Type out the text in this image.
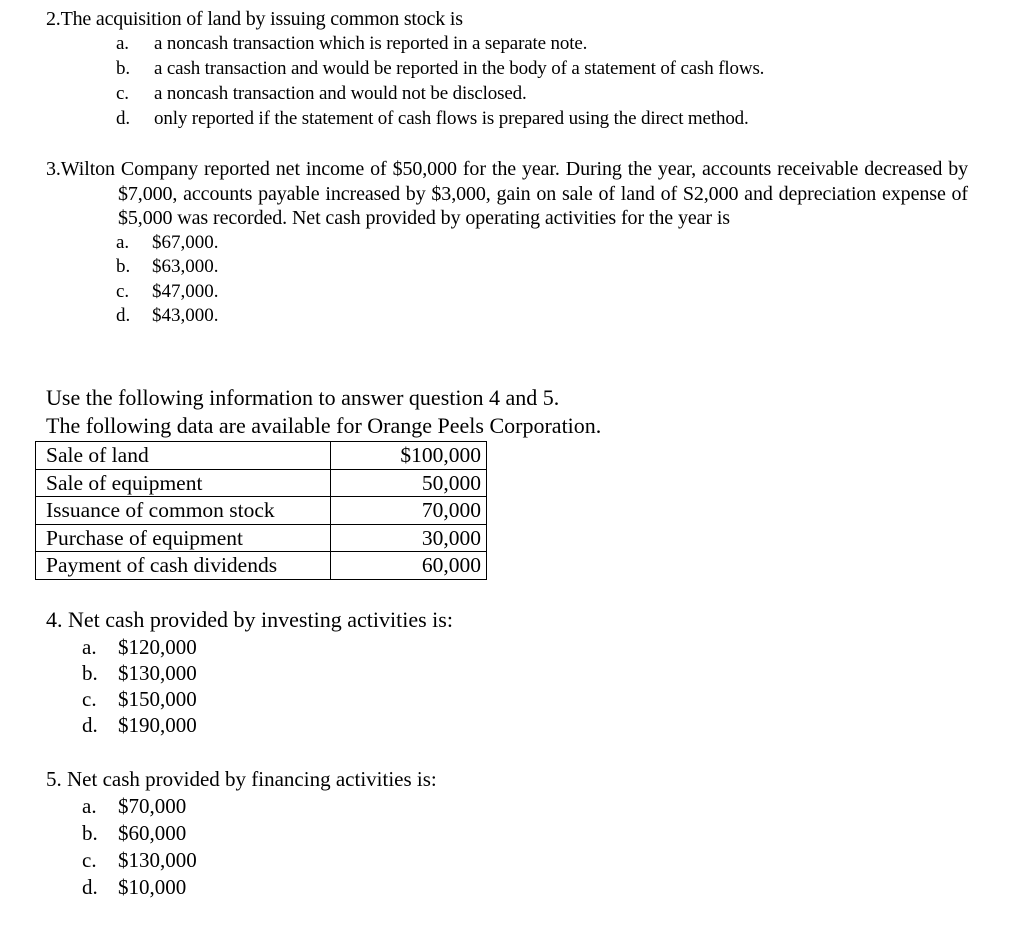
2.The acquisition of land by issuing common stock is
a.	a noncash transaction which is reported in a separate note.
b.	a cash transaction and would be reported in the body of a statement of cash flows.
c.	a noncash transaction and would not be disclosed.
d.	only reported if the statement of cash flows is prepared using the direct method.
3.Wilton Company reported net income of $50,000 for the year. During the year, accounts receivable decreased by $7,000, accounts payable increased by $3,000, gain on sale of land of S2,000 and depreciation expense of $5,000 was recorded. Net cash provided by operating activities for the year is
a.	$67,000.
b.	$63,000.
c.	$47,000.
d.	$43,000.
Use the following information to answer question 4 and 5.
The following data are available for Orange Peels Corporation.
Sale of land	$100,000
Sale of equipment	50,000
Issuance of common stock	70,000
Purchase of equipment	30,000
Payment of cash dividends	60,000
4. Net cash provided by investing activities is:
a.	$120,000
b. $130,000
c.	$150,000
d. $190,000
5. Net cash provided by financing activities is:
a.	$70,000
b. $60,000
c.	$130,000
d. $10,000
